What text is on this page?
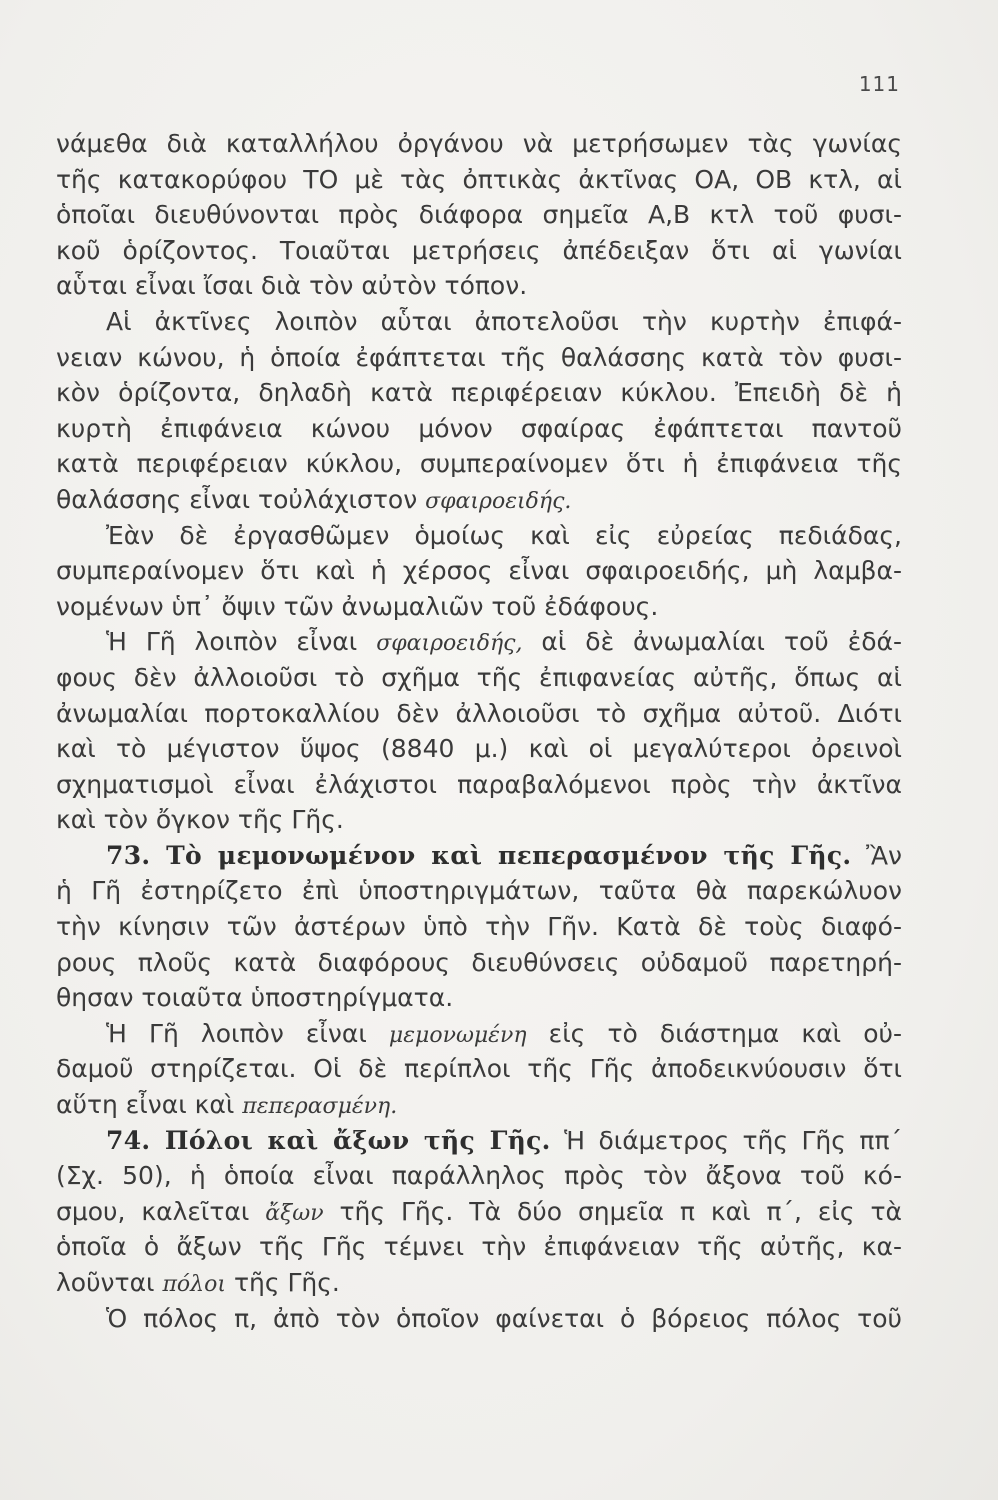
111
νάμεθα διὰ καταλλήλου ὀργάνου νὰ μετρήσωμεν τὰς γωνίας
τῆς κατακορύφου ΤΟ μὲ τὰς ὀπτικὰς ἀκτῖνας ΟΑ, ΟΒ κτλ, αἱ
ὁποῖαι διευθύνονται πρὸς διάφορα σημεῖα Α,Β κτλ τοῦ φυσι-
κοῦ ὁρίζοντος. Τοιαῦται μετρήσεις ἀπέδειξαν ὅτι αἱ γωνίαι
αὗται εἶναι ἴσαι διὰ τὸν αὐτὸν τόπον.
Αἱ ἀκτῖνες λοιπὸν αὗται ἀποτελοῦσι τὴν κυρτὴν ἐπιφά-
νειαν κώνου, ἡ ὁποία ἐφάπτεται τῆς θαλάσσης κατὰ τὸν φυσι-
κὸν ὁρίζοντα, δηλαδὴ κατὰ περιφέρειαν κύκλου. Ἐπειδὴ δὲ ἡ
κυρτὴ ἐπιφάνεια κώνου μόνον σφαίρας ἐφάπτεται παντοῦ
κατὰ περιφέρειαν κύκλου, συμπεραίνομεν ὅτι ἡ ἐπιφάνεια τῆς
θαλάσσης εἶναι τοὐλάχιστον σφαιροειδής.
Ἐὰν δὲ ἐργασθῶμεν ὁμοίως καὶ εἰς εὐρείας πεδιάδας,
συμπεραίνομεν ὅτι καὶ ἡ χέρσος εἶναι σφαιροειδής, μὴ λαμβα-
νομένων ὑπ᾽ ὄψιν τῶν ἀνωμαλιῶν τοῦ ἐδάφους.
Ἡ Γῆ λοιπὸν εἶναι σφαιροειδής, αἱ δὲ ἀνωμαλίαι τοῦ ἐδά-
φους δὲν ἀλλοιοῦσι τὸ σχῆμα τῆς ἐπιφανείας αὐτῆς, ὅπως αἱ
ἀνωμαλίαι πορτοκαλλίου δὲν ἀλλοιοῦσι τὸ σχῆμα αὐτοῦ. Διότι
καὶ τὸ μέγιστον ὕψος (8840 μ.) καὶ οἱ μεγαλύτεροι ὀρεινοὶ
σχηματισμοὶ εἶναι ἐλάχιστοι παραβαλόμενοι πρὸς τὴν ἀκτῖνα
καὶ τὸν ὄγκον τῆς Γῆς.
73. Τὸ μεμονωμένον καὶ πεπερασμένον τῆς Γῆς. Ἂν
ἡ Γῆ ἐστηρίζετο ἐπὶ ὑποστηριγμάτων, ταῦτα θὰ παρεκώλυον
τὴν κίνησιν τῶν ἀστέρων ὑπὸ τὴν Γῆν. Κατὰ δὲ τοὺς διαφό-
ρους πλοῦς κατὰ διαφόρους διευθύνσεις οὐδαμοῦ παρετηρή-
θησαν τοιαῦτα ὑποστηρίγματα.
Ἡ Γῆ λοιπὸν εἶναι μεμονωμένη εἰς τὸ διάστημα καὶ οὐ-
δαμοῦ στηρίζεται. Οἱ δὲ περίπλοι τῆς Γῆς ἀποδεικνύουσιν ὅτι
αὕτη εἶναι καὶ πεπερασμένη.
74. Πόλοι καὶ ἄξων τῆς Γῆς. Ἡ διάμετρος τῆς Γῆς ππ´
(Σχ. 50), ἡ ὁποία εἶναι παράλληλος πρὸς τὸν ἄξονα τοῦ κό-
σμου, καλεῖται ἄξων τῆς Γῆς. Τὰ δύο σημεῖα π καὶ π´, εἰς τὰ
ὁποῖα ὁ ἄξων τῆς Γῆς τέμνει τὴν ἐπιφάνειαν τῆς αὐτῆς, κα-
λοῦνται πόλοι τῆς Γῆς.
Ὁ πόλος π, ἀπὸ τὸν ὁποῖον φαίνεται ὁ βόρειος πόλος τοῦ
